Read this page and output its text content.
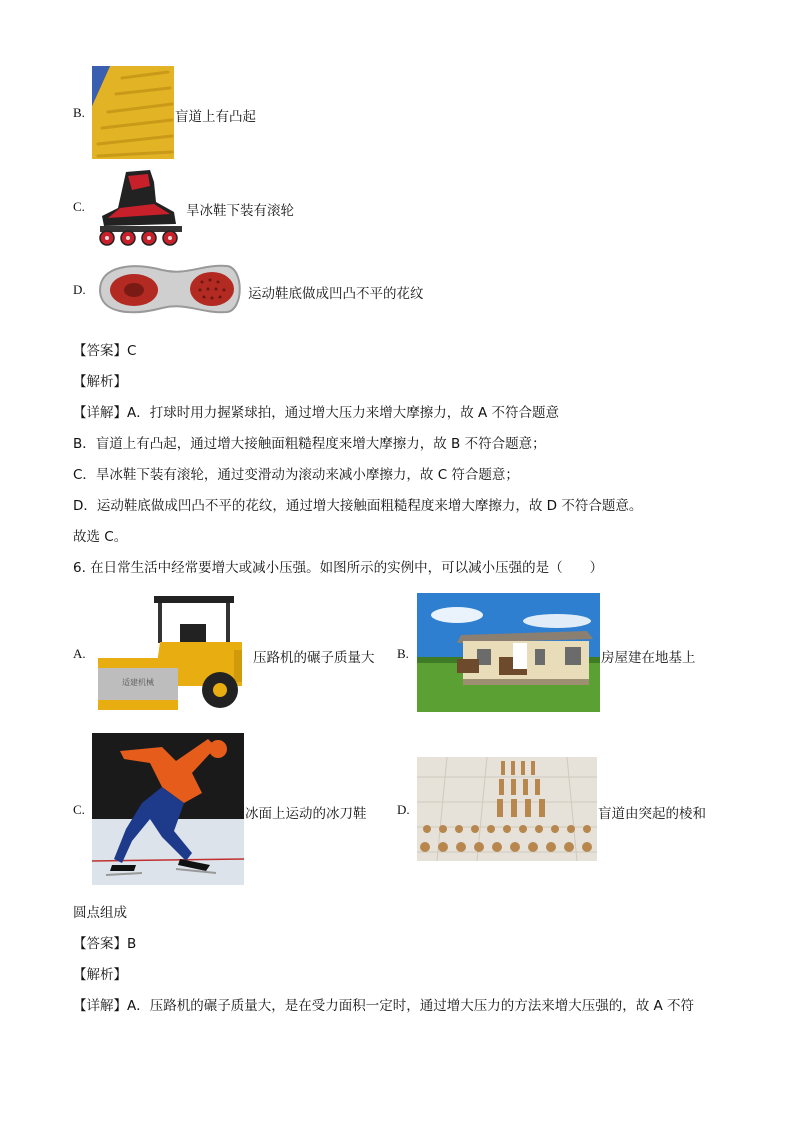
B.	盲道上有凸起
C.	旱冰鞋下装有滚轮
D.	运动鞋底做成凹凸不平的花纹
【答案】C
【解析】
【详解】A．打球时用力握紧球拍，通过增大压力来增大摩擦力，故 A 不符合题意
B．盲道上有凸起，通过增大接触面粗糙程度来增大摩擦力，故 B 不符合题意；
C．旱冰鞋下装有滚轮，通过变滑动为滚动来减小摩擦力，故 C 符合题意；
D．运动鞋底做成凹凸不平的花纹，通过增大接触面粗糙程度来增大摩擦力，故 D 不符合题意。
故选 C。
6. 在日常生活中经常要增大或减小压强。如图所示的实例中，可以减小压强的是（　　）
A.
适建机械
压路机的碾子质量大 B.	房屋建在地基上
C.	冰面上运动的冰刀鞋 D.	盲道由突起的棱和
圆点组成
【答案】B
【解析】
【详解】A．压路机的碾子质量大，是在受力面积一定时，通过增大压力的方法来增大压强的，故 A 不符
